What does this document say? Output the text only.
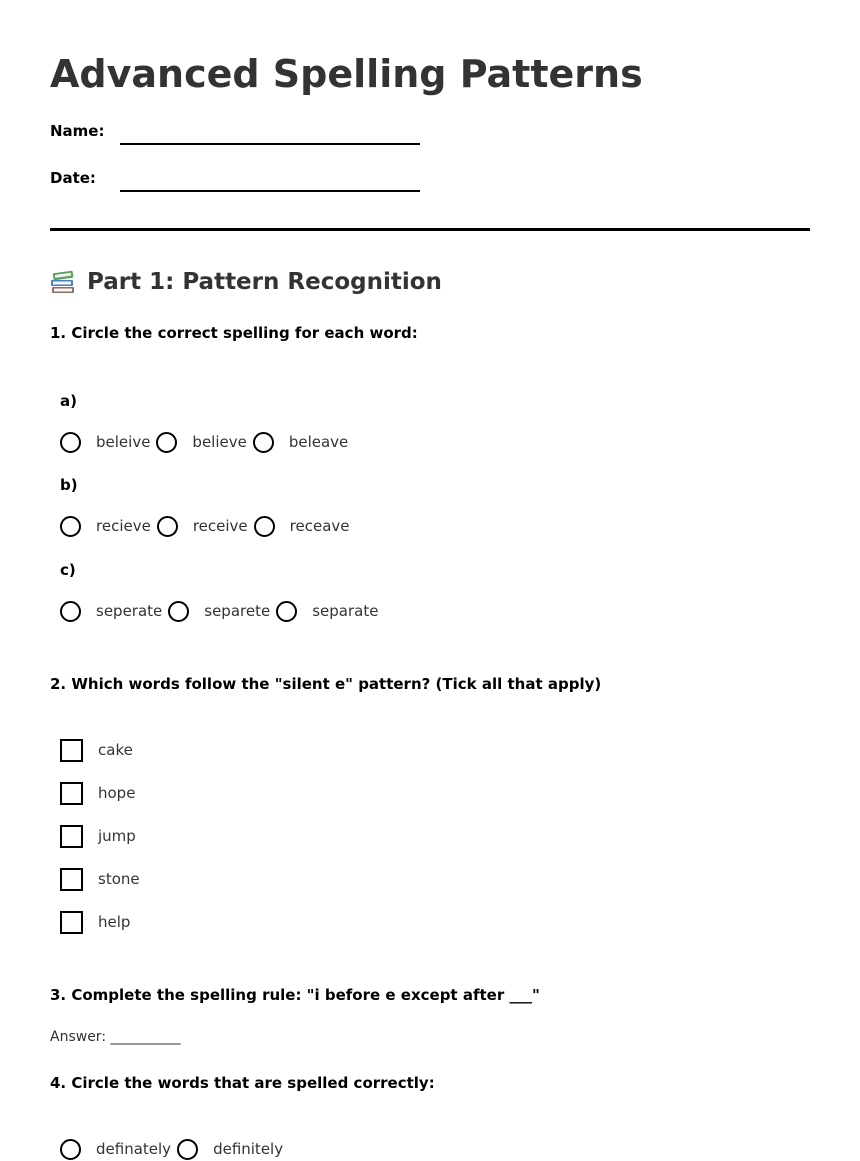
Advanced Spelling Patterns
Name:
Date:
Part 1: Pattern Recognition
1. Circle the correct spelling for each word:
a)
beleive	believe	beleave
b)
recieve	receive	receave
c)
seperate	separete	separate
2. Which words follow the "silent e" pattern? (Tick all that apply)
cake
hope
jump
stone
help
3. Complete the spelling rule: "i before e except after ___"
Answer: __________
4. Circle the words that are spelled correctly:
definately	definitely
